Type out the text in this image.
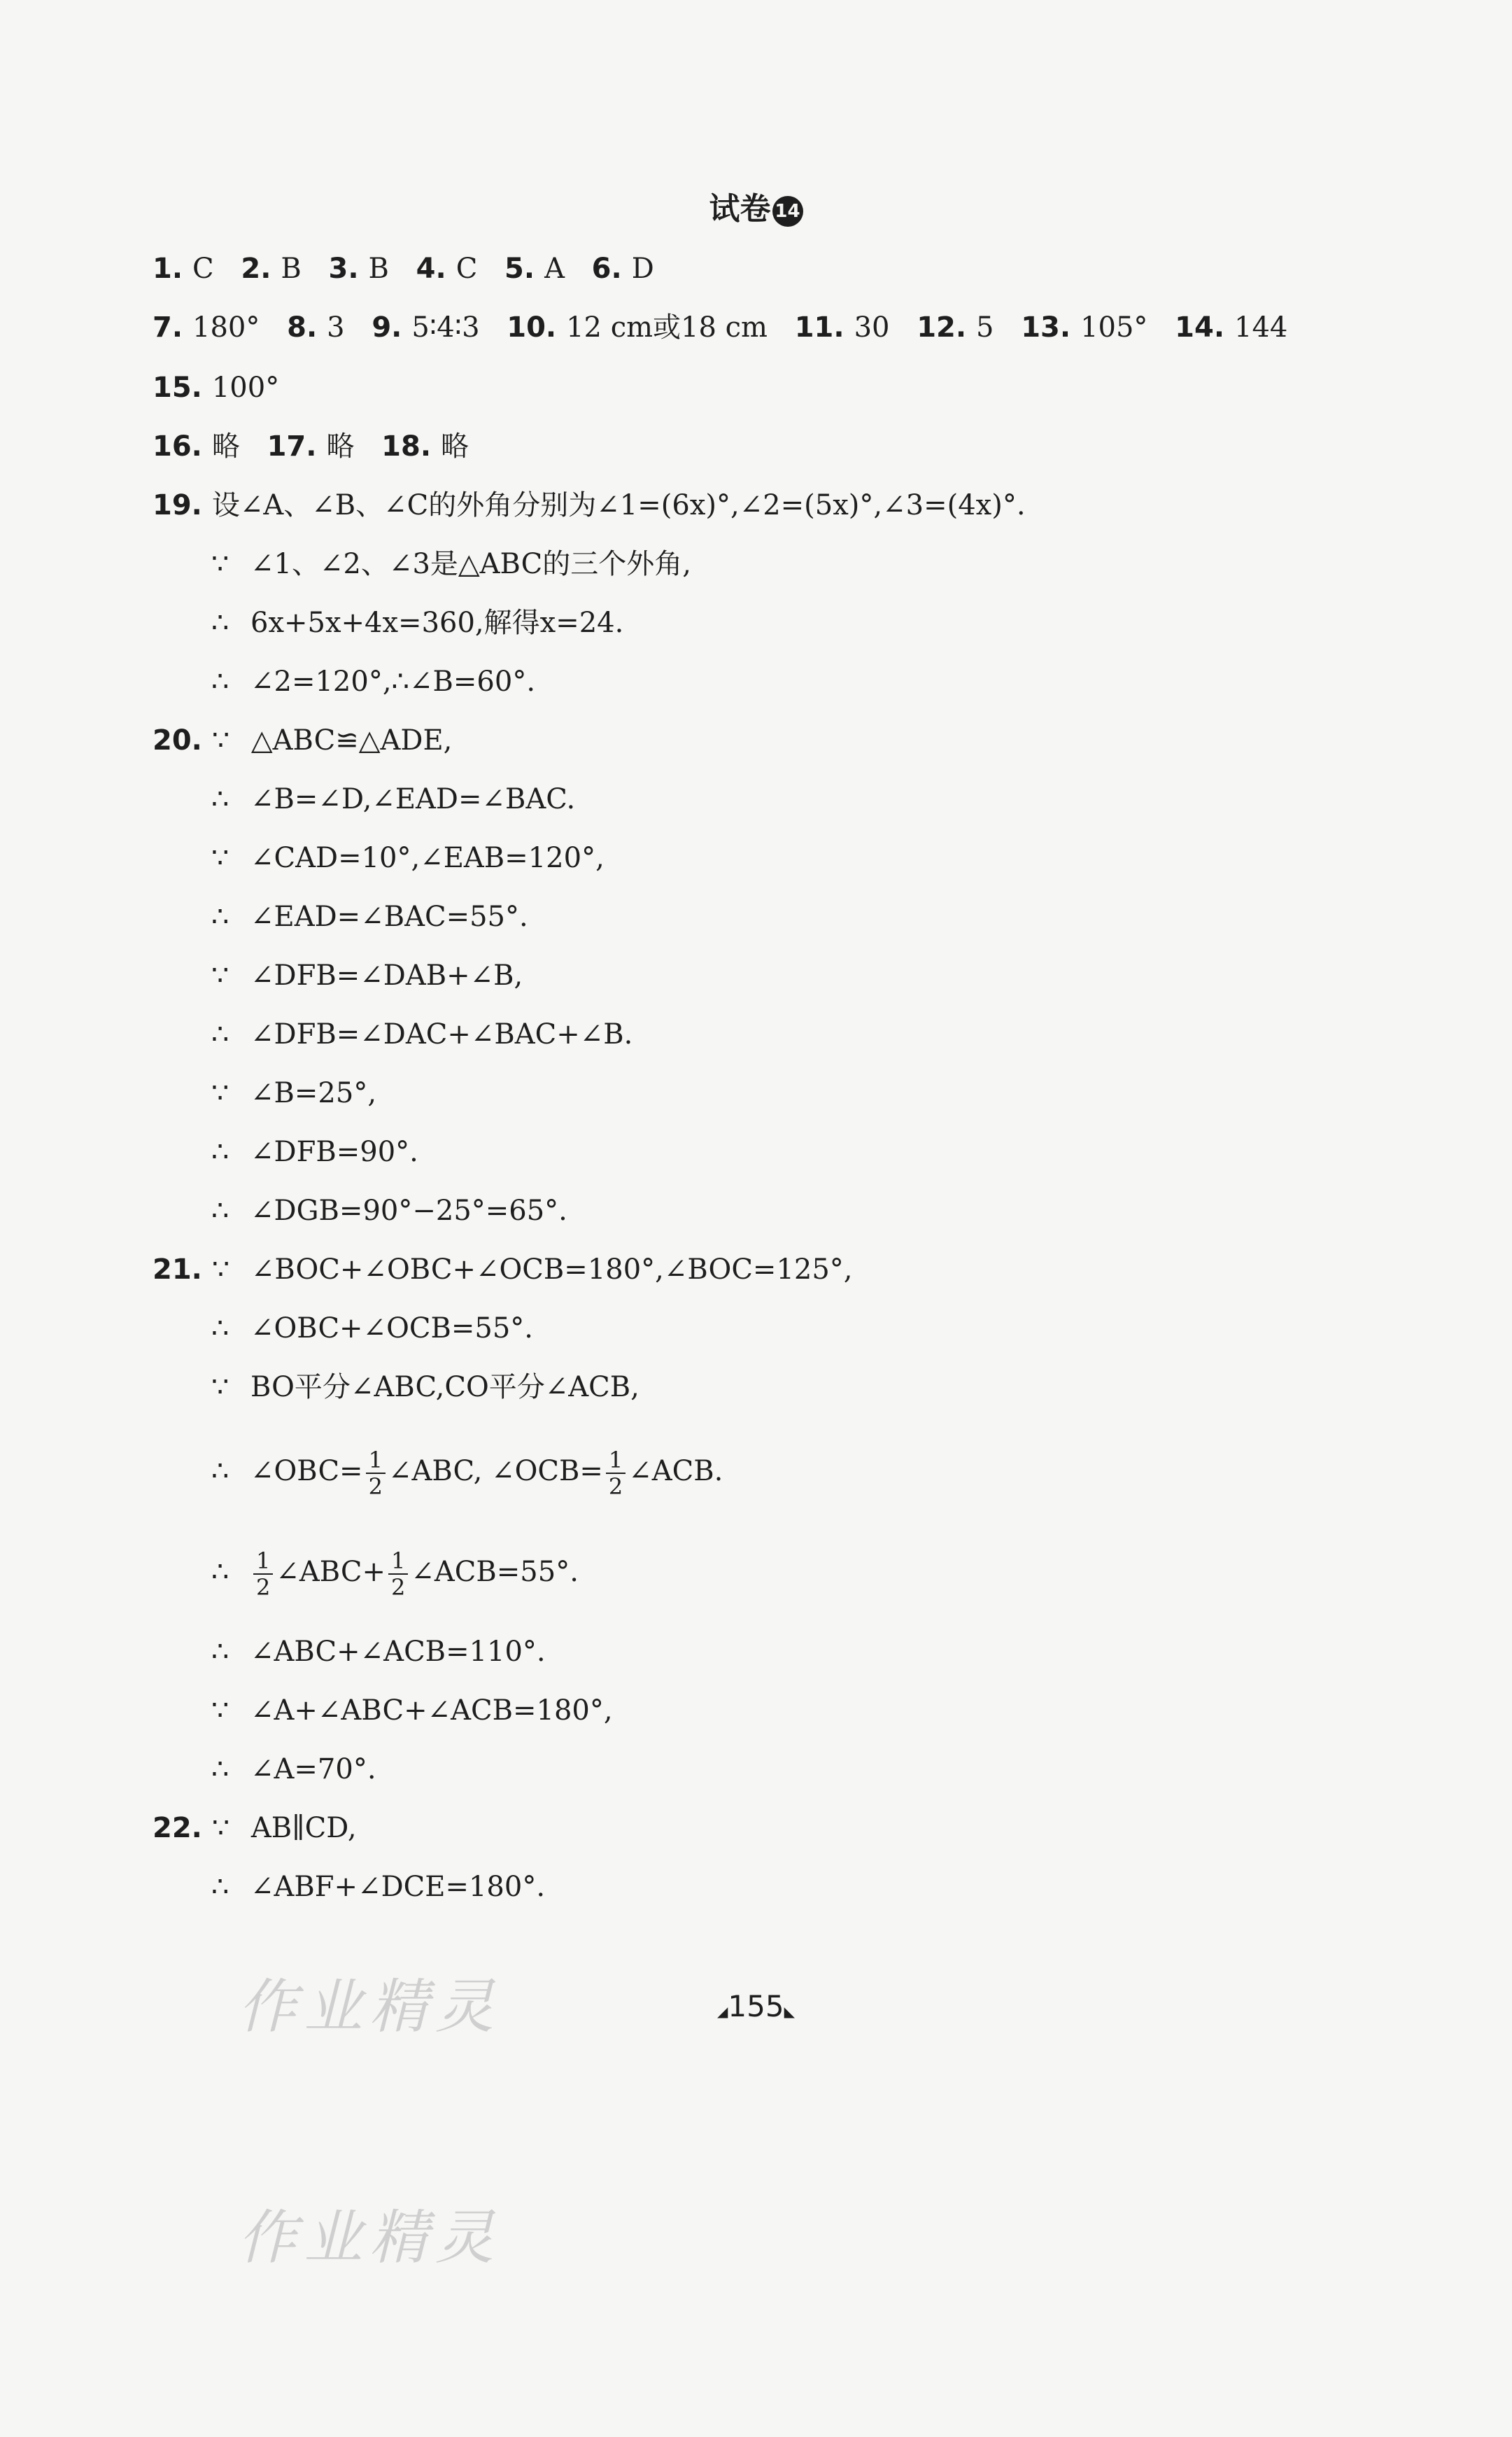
试卷 14
1. C 2. B 3. B 4. C 5. A 6. D
7. 180° 8. 3 9. 5∶4∶3 10. 12 cm或18 cm 11. 30 12. 5 13. 105° 14. 144
15. 100°
16. 略 17. 略 18. 略
19. 设∠A、∠B、∠C的外角分别为∠1=(6x)°,∠2=(5x)°,∠3=(4x)°.
∵ ∠1、∠2、∠3是△ABC的三个外角,
∴ 6x+5x+4x=360,解得x=24.
∴ ∠2=120°,∴∠B=60°.
20. ∵ △ABC≌△ADE,
∴ ∠B=∠D,∠EAD=∠BAC.
∵ ∠CAD=10°,∠EAB=120°,
∴ ∠EAD=∠BAC=55°.
∵ ∠DFB=∠DAB+∠B,
∴ ∠DFB=∠DAC+∠BAC+∠B.
∵ ∠B=25°,
∴ ∠DFB=90°.
∴ ∠DGB=90°−25°=65°.
21. ∵ ∠BOC+∠OBC+∠OCB=180°,∠BOC=125°,
∴ ∠OBC+∠OCB=55°.
∵ BO平分∠ABC,CO平分∠ACB,
∴ ∠OBC= $\frac{1}{2}$ ∠ABC, ∠OCB= $\frac{1}{2}$ ∠ACB.
∴ $\frac{1}{2}$ ∠ABC+ $\frac{1}{2}$ ∠ACB=55°.
∴ ∠ABC+∠ACB=110°.
∵ ∠A+∠ABC+∠ACB=180°,
∴ ∠A=70°.
22. ∵ AB∥CD,
∴ ∠ABF+∠DCE=180°.
◢155◣
作业精灵
作业精灵
